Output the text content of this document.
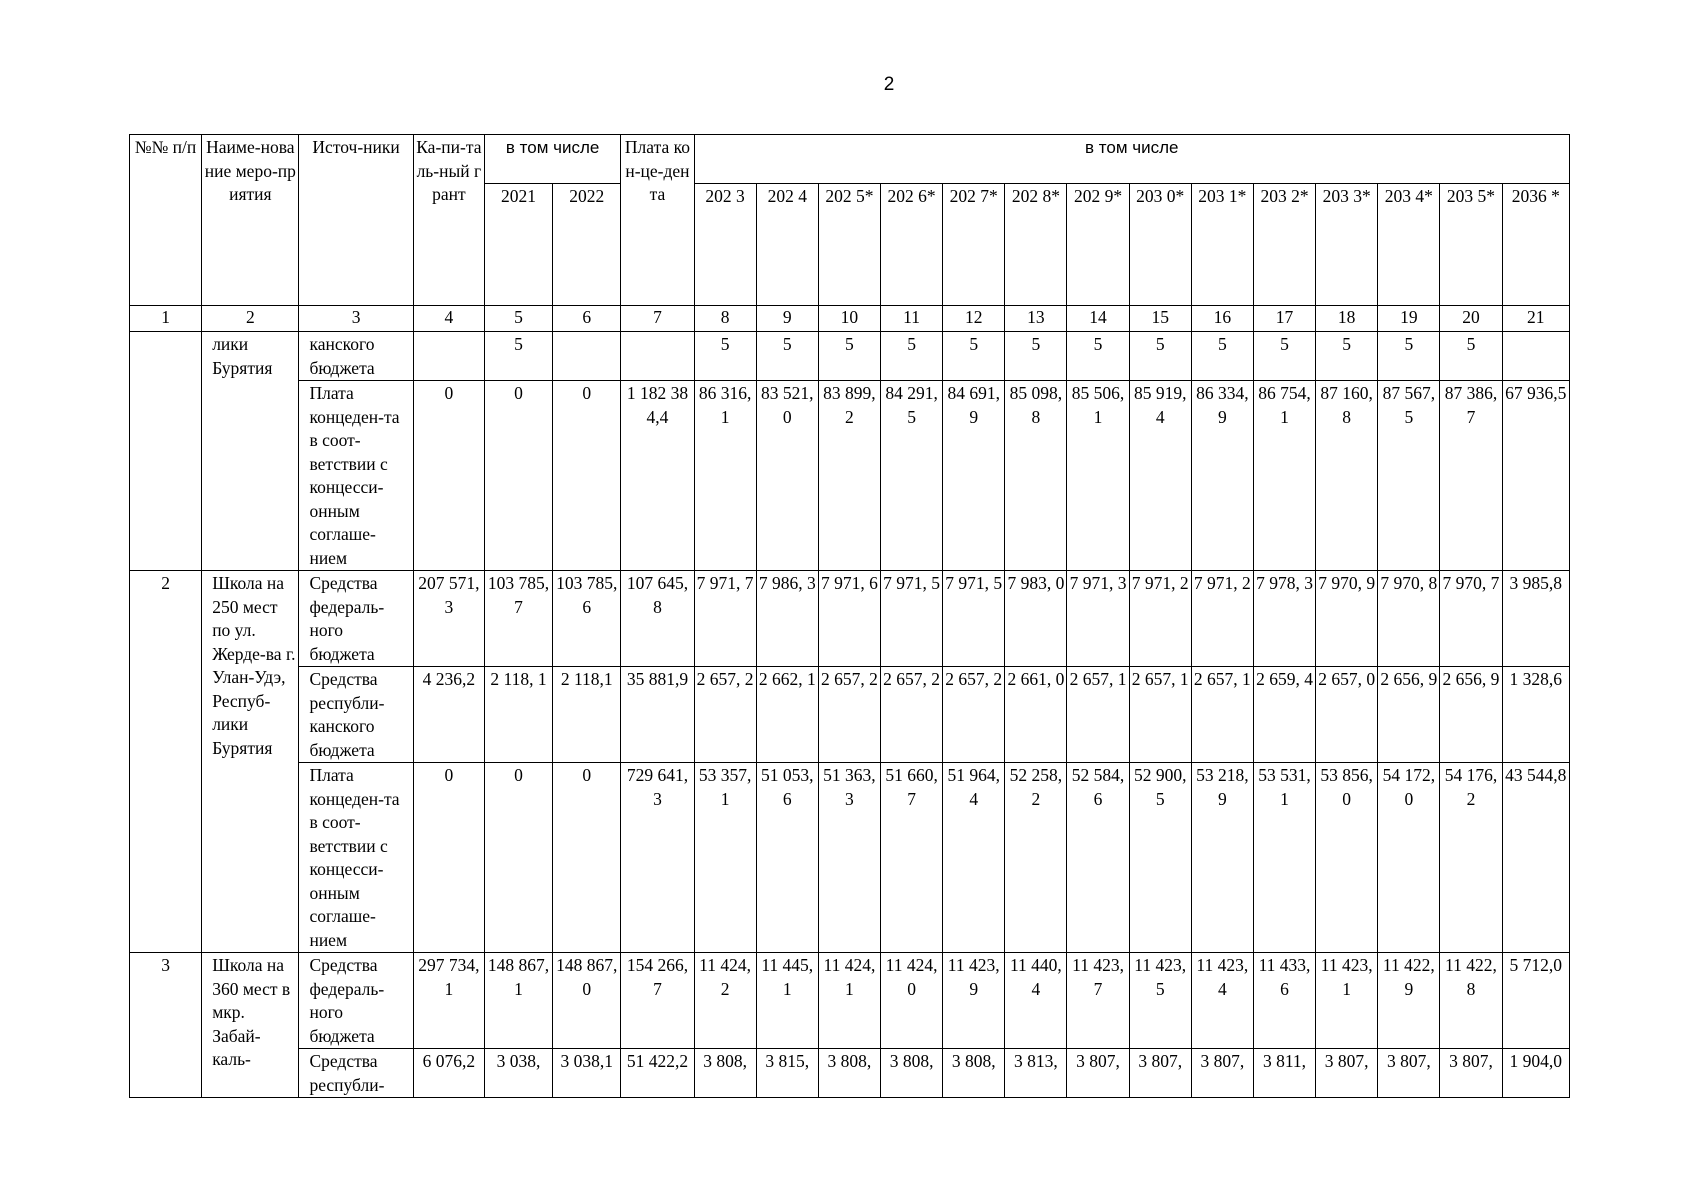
2
№№ п/п	Наиме-нование меро-приятия	Источ-ники	Ка-пи-таль-ный грант	в том числе		Плата кон-це-дента	в том числе													
				2021	2022		202 3	202 4	202 5*	202 6*	202 7*	202 8*	202 9*	203 0*	203 1*	203 2*	203 3*	203 4*	203 5*	2036 *
1	2	3	4	5	6	7	8	9	10	11	12	13	14	15	16	17	18	19	20	21
	лики Бурятия	канского бюджета		5			5	5	5	5	5	5	5	5	5	5	5	5	5	
		Плата концеден-та в соот-ветствии с концесси-онным соглаше-нием	0	0	0	1 182 384,4	86 316, 1	83 521, 0	83 899, 2	84 291, 5	84 691, 9	85 098, 8	85 506, 1	85 919, 4	86 334, 9	86 754, 1	87 160, 8	87 567, 5	87 386, 7	67 936,5
2	Школа на 250 мест по ул. Жерде-ва г. Улан-Удэ, Респуб-лики Бурятия	Средства федераль-ного бюджета	207 571,3	103 785, 7	103 785,6	107 645,8	7 971, 7	7 986, 3	7 971, 6	7 971, 5	7 971, 5	7 983, 0	7 971, 3	7 971, 2	7 971, 2	7 978, 3	7 970, 9	7 970, 8	7 970, 7	3 985,8
		Средства республи-канского бюджета	4 236,2	2 118, 1	2 118,1	35 881,9	2 657, 2	2 662, 1	2 657, 2	2 657, 2	2 657, 2	2 661, 0	2 657, 1	2 657, 1	2 657, 1	2 659, 4	2 657, 0	2 656, 9	2 656, 9	1 328,6
		Плата концеден-та в соот-ветствии с концесси-онным соглаше-нием	0	0	0	729 641,3	53 357, 1	51 053, 6	51 363, 3	51 660, 7	51 964, 4	52 258, 2	52 584, 6	52 900, 5	53 218, 9	53 531, 1	53 856, 0	54 172, 0	54 176, 2	43 544,8
3	Школа на 360 мест в мкр. Забай-каль-	Средства федераль-ного бюджета	297 734,1	148 867, 1	148 867,0	154 266,7	11 424, 2	11 445, 1	11 424, 1	11 424, 0	11 423, 9	11 440, 4	11 423, 7	11 423, 5	11 423, 4	11 433, 6	11 423, 1	11 422, 9	11 422, 8	5 712,0
		Средства республи-	6 076,2	3 038,	3 038,1	51 422,2	3 808,	3 815,	3 808,	3 808,	3 808,	3 813,	3 807,	3 807,	3 807,	3 811,	3 807,	3 807,	3 807,	1 904,0
